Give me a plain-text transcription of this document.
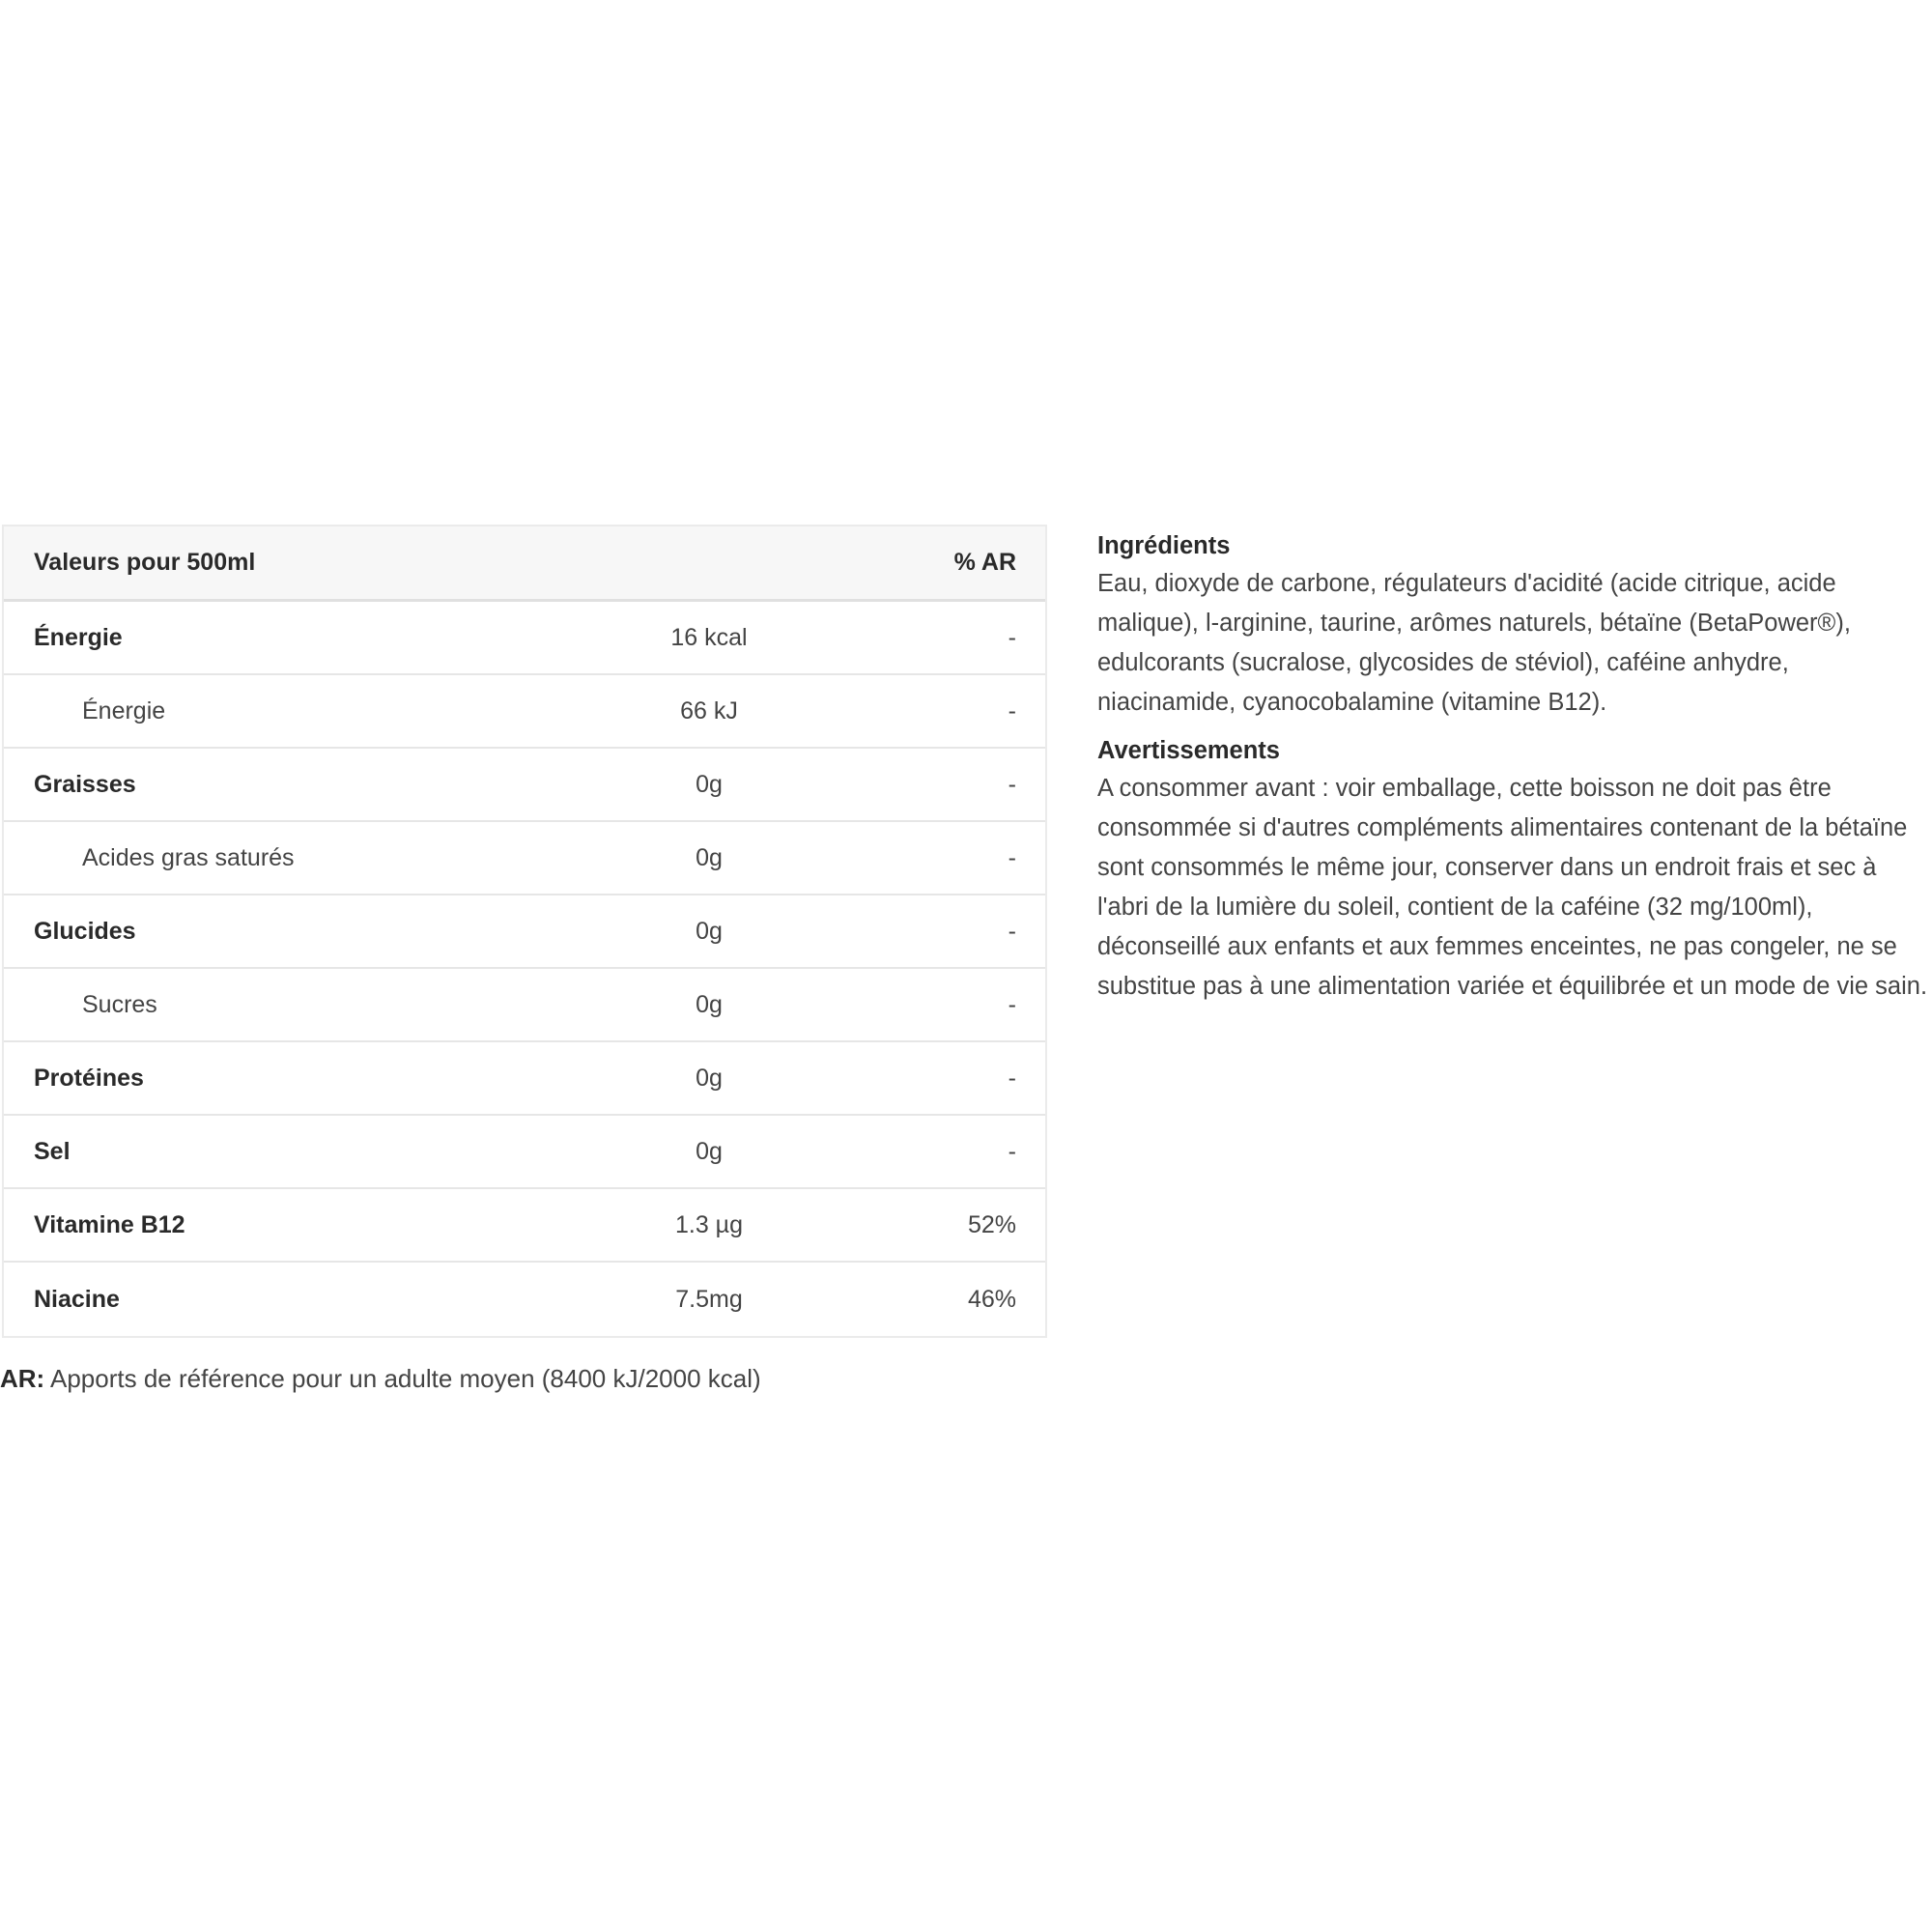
Valeurs pour 500ml	% AR
Énergie	16 kcal	-
Énergie	66 kJ	-
Graisses	0g	-
Acides gras saturés	0g	-
Glucides	0g	-
Sucres	0g	-
Protéines	0g	-
Sel	0g	-
Vitamine B12	1.3 µg	52%
Niacine	7.5mg	46%
AR: Apports de référence pour un adulte moyen (8400 kJ/2000 kcal)
Ingrédients

Eau, dioxyde de carbone, régulateurs d'acidité (acide citrique, acide malique), l-arginine, taurine, arômes naturels, bétaïne (BetaPower®), edulcorants (sucralose, glycosides de stéviol), caféine anhydre, niacinamide, cyanocobalamine (vitamine B12).

Avertissements

A consommer avant : voir emballage, cette boisson ne doit pas être consommée si d'autres compléments alimentaires contenant de la bétaïne sont consommés le même jour, conserver dans un endroit frais et sec à l'abri de la lumière du soleil, contient de la caféine (32 mg/100ml), déconseillé aux enfants et aux femmes enceintes, ne pas congeler, ne se substitue pas à une alimentation variée et équilibrée et un mode de vie sain.
